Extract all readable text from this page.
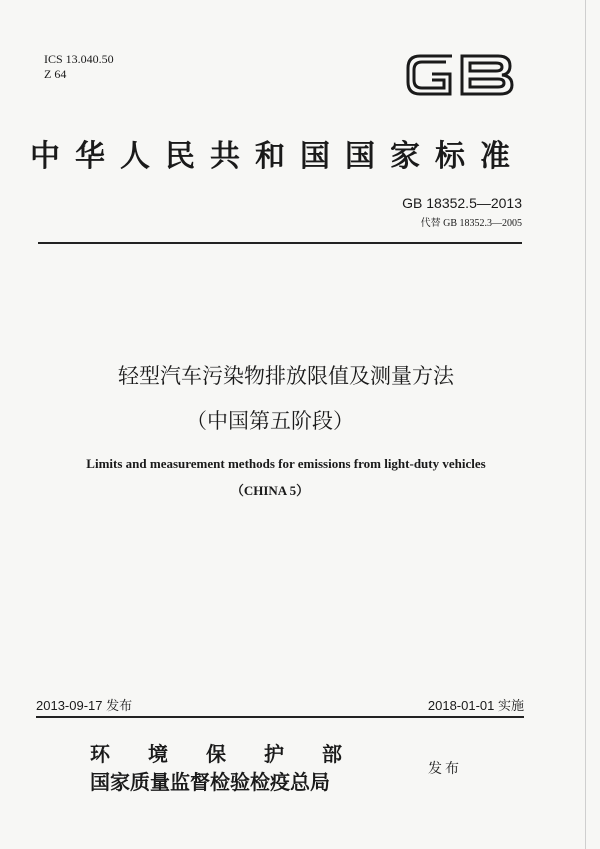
ICS 13.040.50
Z 64
中华人民共和国国家标准
GB 18352.5—2013
代替 GB 18352.3—2005
轻型汽车污染物排放限值及测量方法
（中国第五阶段）
Limits and measurement methods for emissions from light-duty vehicles
（CHINA 5）
2013-09-17 发布	2018-01-01 实施
环境保护部
国家质量监督检验检疫总局
发布
